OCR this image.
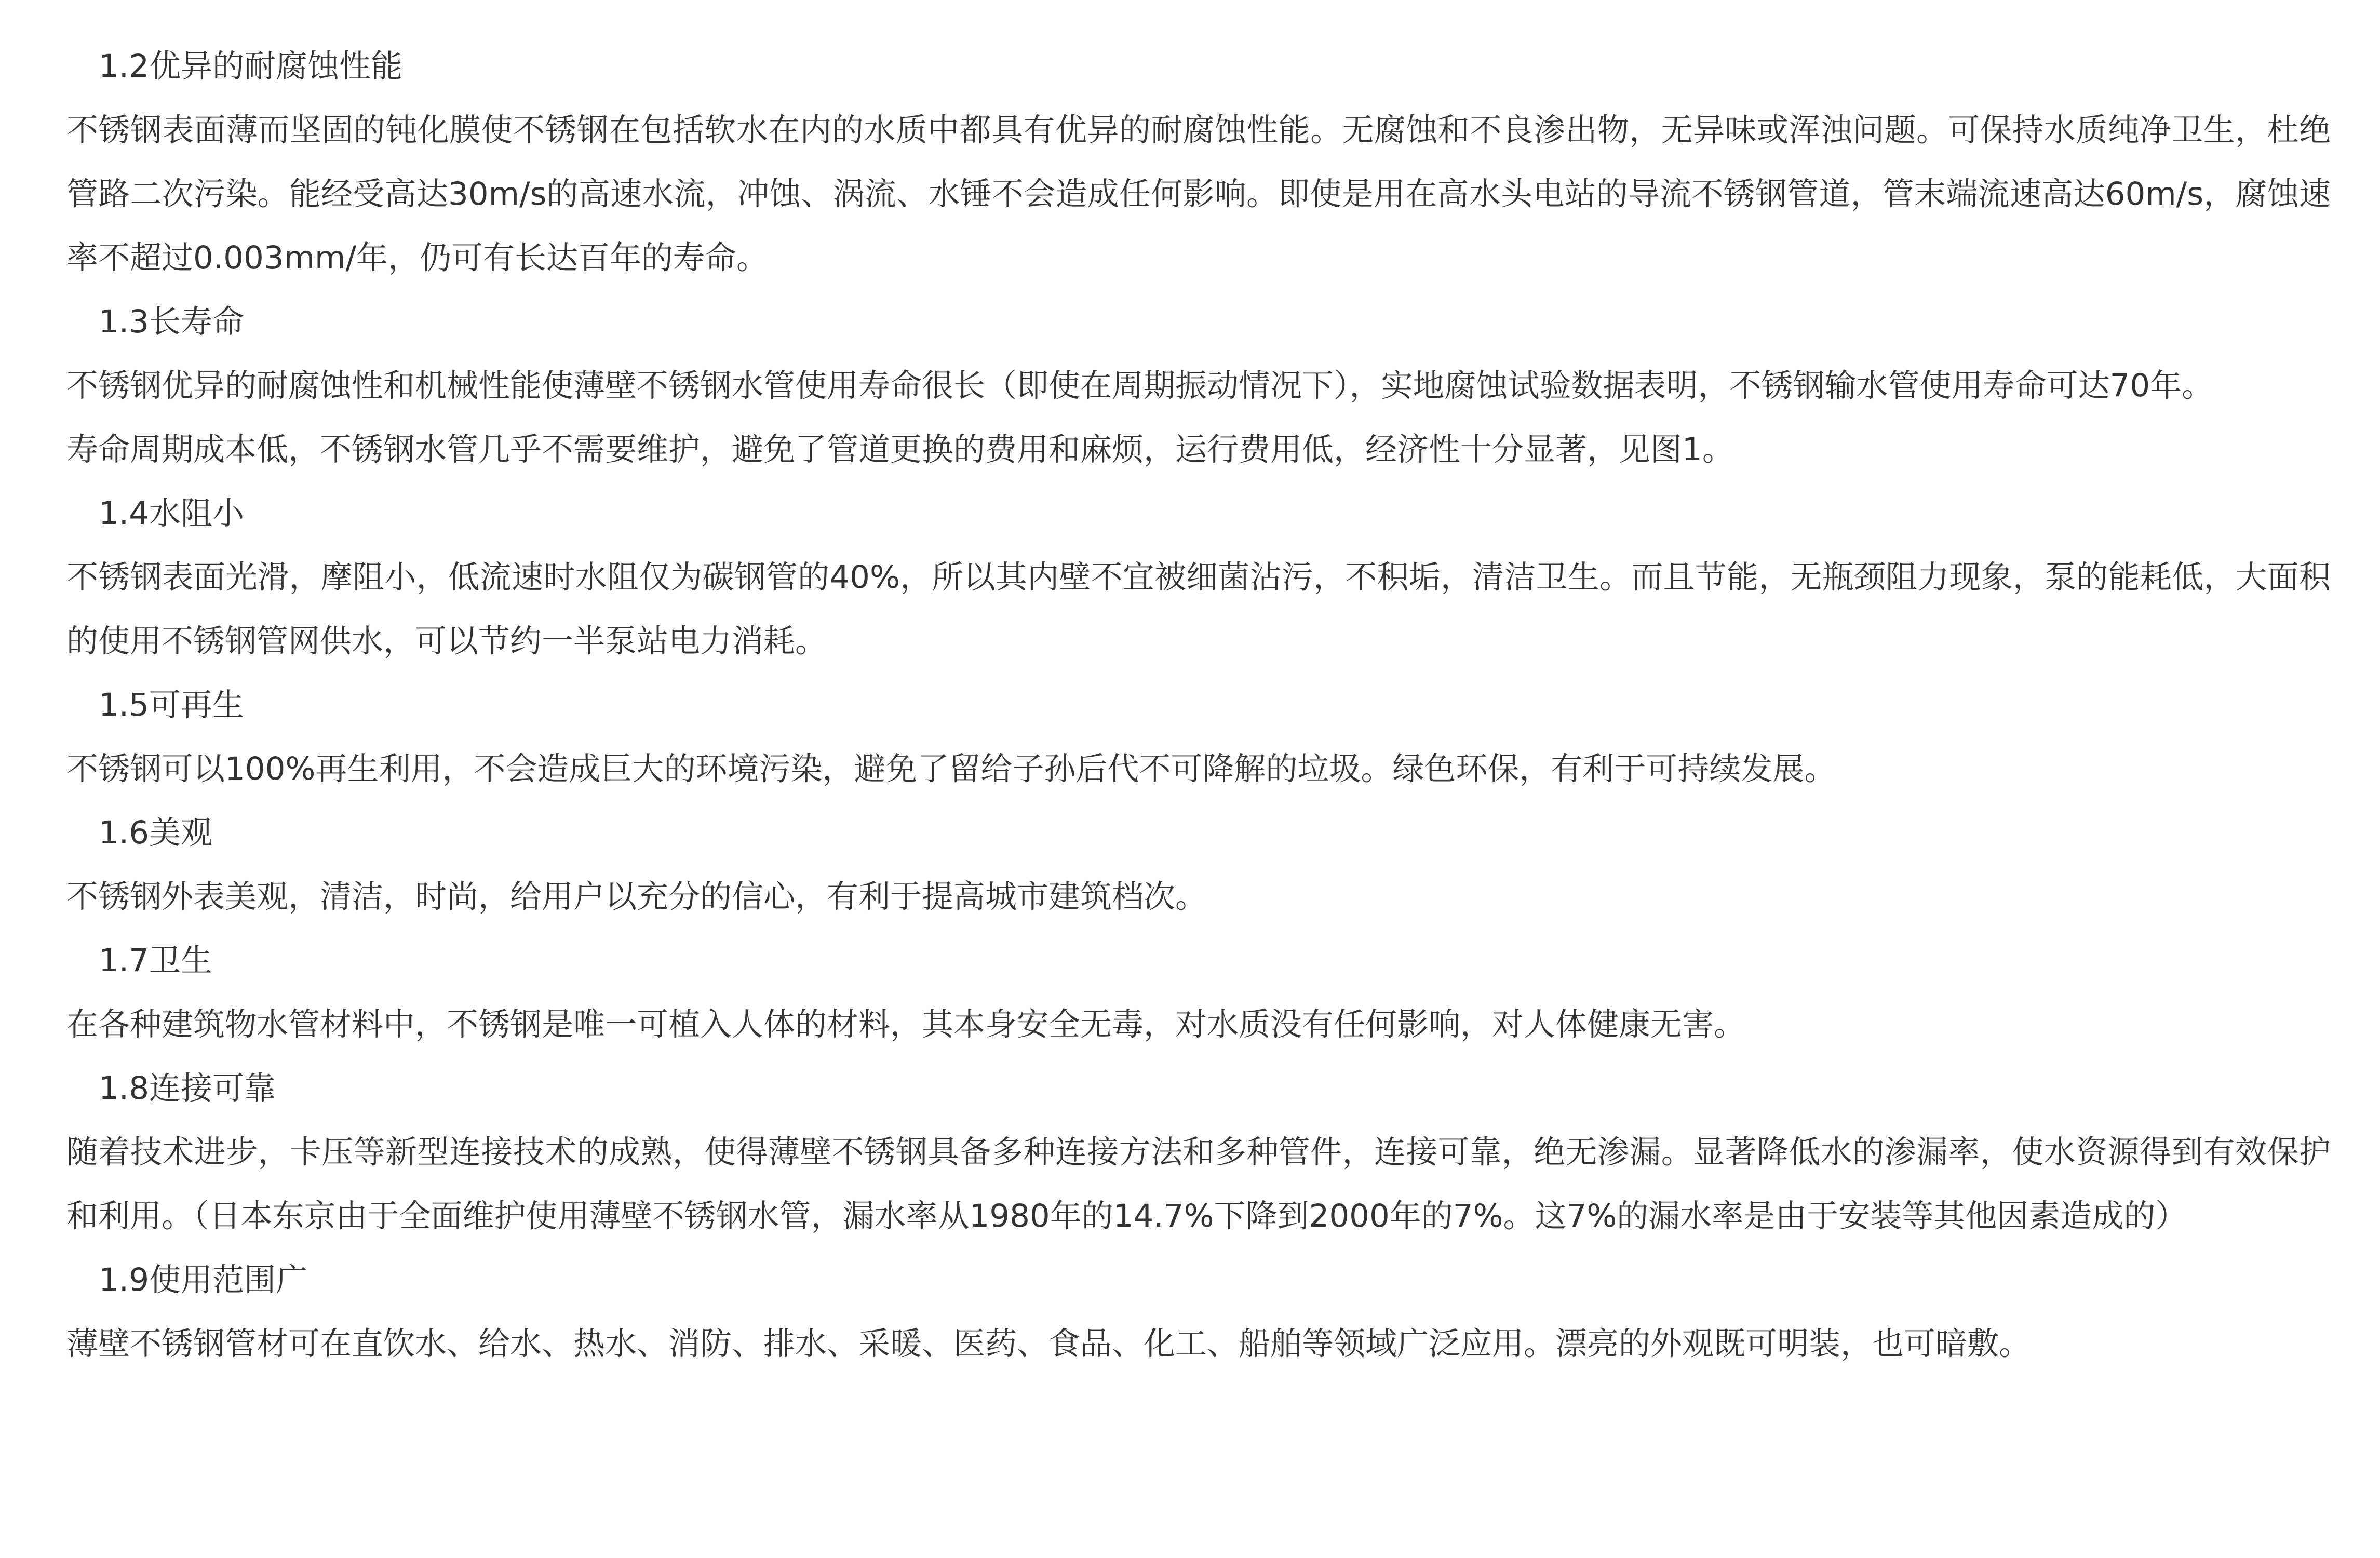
1.2优异的耐腐蚀性能

不锈钢表面薄而坚固的钝化膜使不锈钢在包括软水在内的水质中都具有优异的耐腐蚀性能。无腐蚀和不良渗出物，无异味或浑浊问题。可保持水质纯净卫生，杜绝管路二次污染。能经受高达30m/s的高速水流，冲蚀、涡流、水锤不会造成任何影响。即使是用在高水头电站的导流不锈钢管道，管末端流速高达60m/s，腐蚀速率不超过0.003mm/年，仍可有长达百年的寿命。

1.3长寿命

不锈钢优异的耐腐蚀性和机械性能使薄壁不锈钢水管使用寿命很长（即使在周期振动情况下），实地腐蚀试验数据表明，不锈钢输水管使用寿命可达70年。

寿命周期成本低，不锈钢水管几乎不需要维护，避免了管道更换的费用和麻烦，运行费用低，经济性十分显著，见图1。

1.4水阻小

不锈钢表面光滑，摩阻小，低流速时水阻仅为碳钢管的40%，所以其内壁不宜被细菌沾污，不积垢，清洁卫生。而且节能，无瓶颈阻力现象，泵的能耗低，大面积的使用不锈钢管网供水，可以节约一半泵站电力消耗。

1.5可再生

不锈钢可以100%再生利用，不会造成巨大的环境污染，避免了留给子孙后代不可降解的垃圾。绿色环保，有利于可持续发展。

1.6美观

不锈钢外表美观，清洁，时尚，给用户以充分的信心，有利于提高城市建筑档次。

1.7卫生

在各种建筑物水管材料中，不锈钢是唯一可植入人体的材料，其本身安全无毒，对水质没有任何影响，对人体健康无害。

1.8连接可靠

随着技术进步，卡压等新型连接技术的成熟，使得薄壁不锈钢具备多种连接方法和多种管件，连接可靠，绝无渗漏。显著降低水的渗漏率，使水资源得到有效保护和利用。（日本东京由于全面维护使用薄壁不锈钢水管，漏水率从1980年的14.7%下降到2000年的7%。这7%的漏水率是由于安装等其他因素造成的）

1.9使用范围广

薄壁不锈钢管材可在直饮水、给水、热水、消防、排水、采暖、医药、食品、化工、船舶等领域广泛应用。漂亮的外观既可明装，也可暗敷。
